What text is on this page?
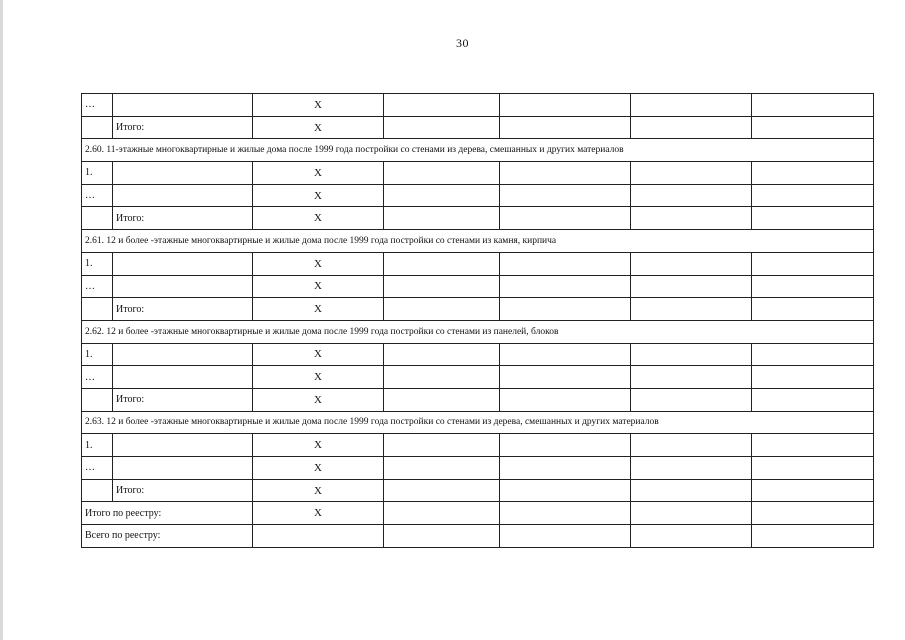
30
…		X				
	Итого:	X				
2.60. 11-этажные многоквартирные и жилые дома после 1999 года постройки со стенами из дерева, смешанных и других материалов						
1.		X				
…		X				
	Итого:	X				
2.61. 12 и более -этажные многоквартирные и жилые дома после 1999 года постройки со стенами из камня, кирпича						
1.		X				
…		X				
	Итого:	X				
2.62. 12 и более -этажные многоквартирные и жилые дома после 1999 года постройки со стенами из панелей, блоков						
1.		X				
…		X				
	Итого:	X				
2.63. 12 и более -этажные многоквартирные и жилые дома после 1999 года постройки со стенами из дерева, смешанных и других материалов						
1.		X				
…		X				
	Итого:	X				
Итого по реестру:		X				
Всего по реестру:						
